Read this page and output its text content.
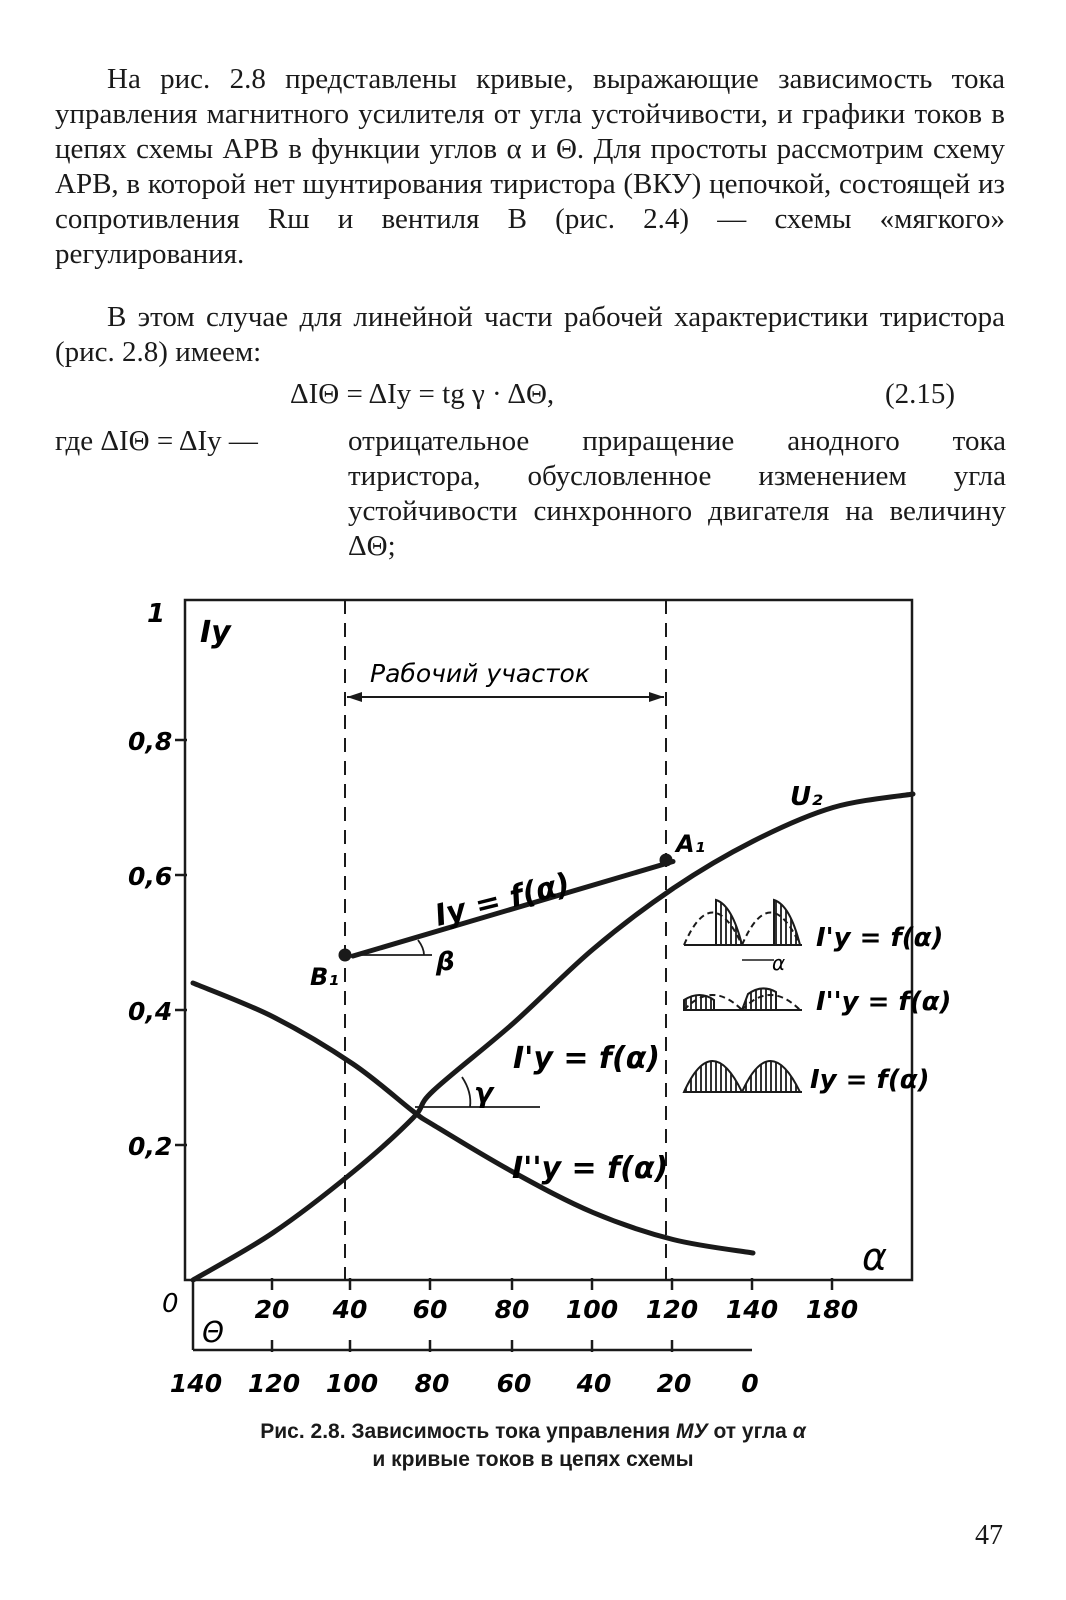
На рис. 2.8 представлены кривые, выражающие зависимость тока управления магнитного усилителя от угла устойчивости, и графики токов в цепях схемы АРВ в функции углов α и Θ. Для простоты рассмотрим схему АРВ, в которой нет шунтирования тиристора (ВКУ) цепочкой, состоящей из сопротивления Rш и вентиля B (рис. 2.4) — схемы «мягкого» регулирования.

В этом случае для линейной части рабочей характеристики тиристора (рис. 2.8) имеем:

ΔIΘ = ΔIу = tg γ · ΔΘ,	(2.15)
где ΔIΘ = ΔIу —	отрицательное приращение анодного тока тиристора, обусловленное изменением угла устойчивости синхронного двигателя на величину ΔΘ;
1
Iу
0
α
Θ
0,8
0,6
0,4
0,2
20 40 60 80 100 120 140 180
140 120 100 80 60 40 20 0
Рабочий участок
Iу = f(α)
I'у = f(α)
I''у = f(α)
U₂
A₁
B₁	β
γ
α
I'у = f(α)
I''у = f(α)
Iу = f(α)
Рис. 2.8. Зависимость тока управления МУ от угла α
и кривые токов в цепях схемы
47
